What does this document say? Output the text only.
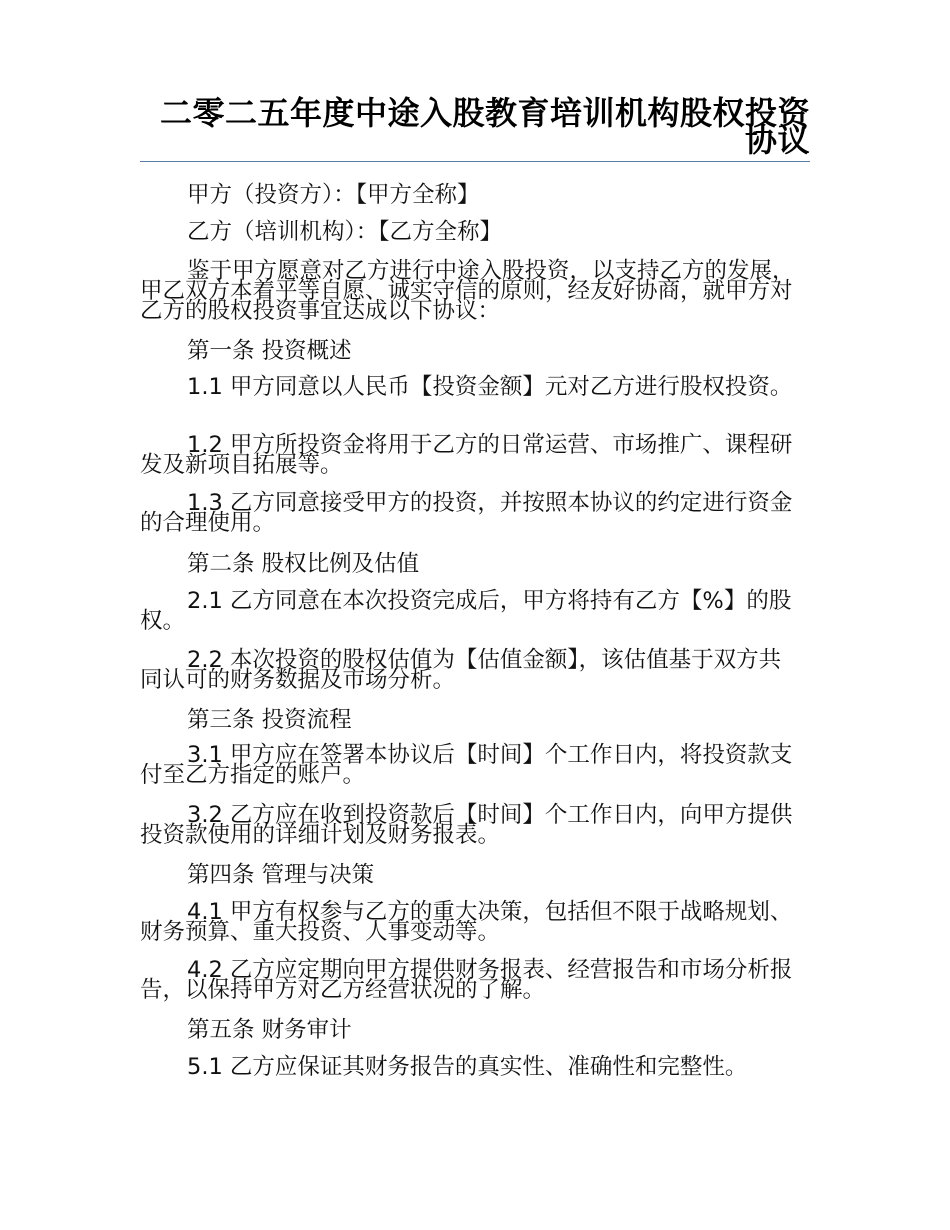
二零二五年度中途入股教育培训机构股权投资协议
甲方（投资方）：【甲方全称】
乙方（培训机构）：【乙方全称】
鉴于甲方愿意对乙方进行中途入股投资，以支持乙方的发展，甲乙双方本着平等自愿、诚实守信的原则，经友好协商，就甲方对乙方的股权投资事宜达成以下协议：
第一条 投资概述
1.1 甲方同意以人民币【投资金额】元对乙方进行股权投资。
1.2 甲方所投资金将用于乙方的日常运营、市场推广、课程研发及新项目拓展等。
1.3 乙方同意接受甲方的投资，并按照本协议的约定进行资金的合理使用。
第二条 股权比例及估值
2.1 乙方同意在本次投资完成后，甲方将持有乙方【%】的股权。
2.2 本次投资的股权估值为【估值金额】，该估值基于双方共同认可的财务数据及市场分析。
第三条 投资流程
3.1 甲方应在签署本协议后【时间】个工作日内，将投资款支付至乙方指定的账户。
3.2 乙方应在收到投资款后【时间】个工作日内，向甲方提供投资款使用的详细计划及财务报表。
第四条 管理与决策
4.1 甲方有权参与乙方的重大决策，包括但不限于战略规划、财务预算、重大投资、人事变动等。
4.2 乙方应定期向甲方提供财务报表、经营报告和市场分析报告，以保持甲方对乙方经营状况的了解。
第五条 财务审计
5.1 乙方应保证其财务报告的真实性、准确性和完整性。
